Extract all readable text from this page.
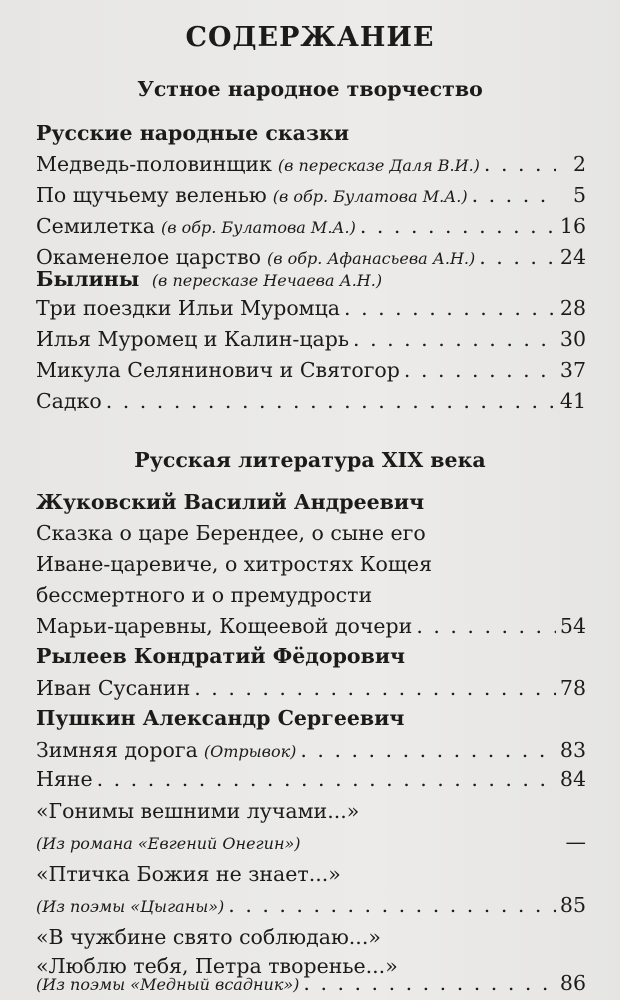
СОДЕРЖАНИЕ
Устное народное творчество
Русские народные сказки
Медведь-половинщик (в пересказе Даля В.И.) . . .	2
По щучьему веленью (в обр. Булатова М.А.) . . .	5
Семилетка (в обр. Булатова М.А.) . . .	16
Окаменелое царство (в обр. Афанасьева А.Н.) . . .	24
Былины (в пересказе Нечаева А.Н.)
Три поездки Ильи Муромца . . .	28
Илья Муромец и Калин-царь . . .	30
Микула Селянинович и Святогор . . .	37
Садко . . .	41
Русская литература XIX века
Жуковский Василий Андреевич
Сказка о царе Берендее, о сыне его
Иване-царевиче, о хитростях Кощея
бессмертного и о премудрости
Марьи-царевны, Кощеевой дочери . . .	54
Рылеев Кондратий Фёдорович
Иван Сусанин . . .	78
Пушкин Александр Сергеевич
Зимняя дорога (Отрывок) . . .	83
Няне . . .	84
«Гонимы вешними лучами...»
(Из романа «Евгений Онегин»)	—
«Птичка Божия не знает...»
(Из поэмы «Цыганы») . . .	85
«В чужбине свято соблюдаю...»
«Люблю тебя, Петра творенье...»
(Из поэмы «Медный всадник») . . .	86
